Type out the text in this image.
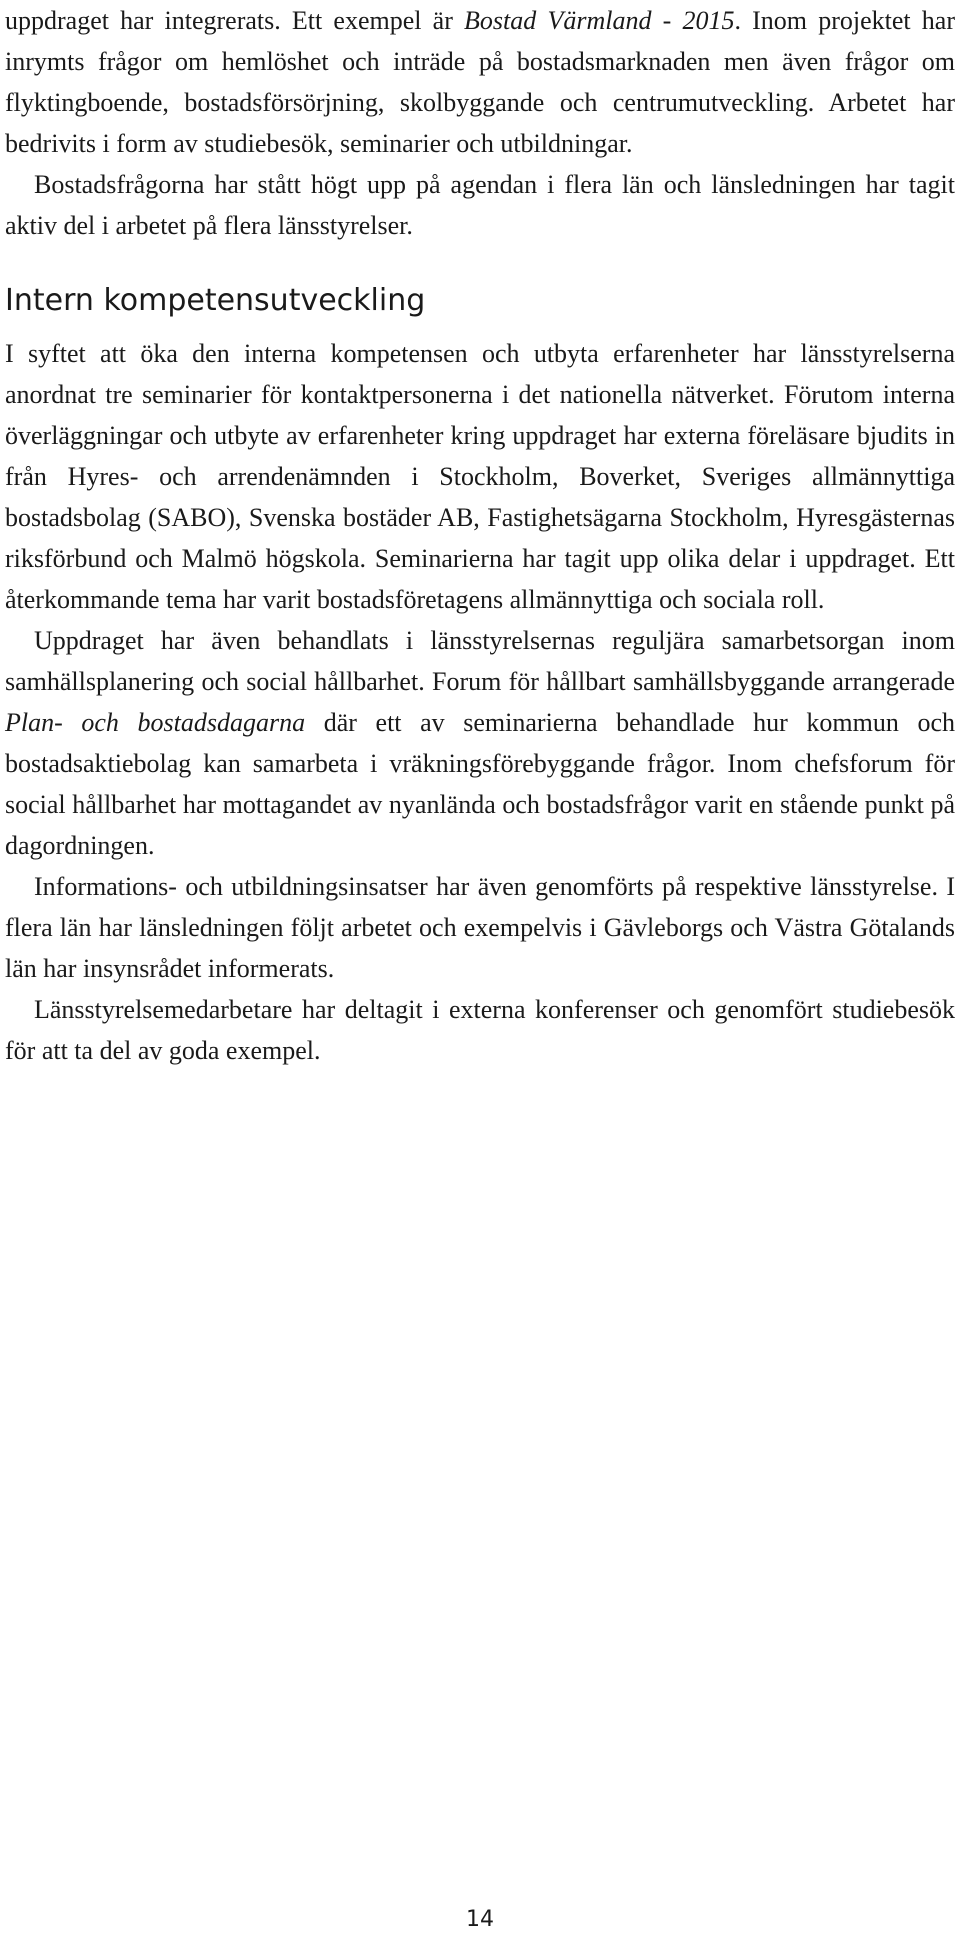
uppdraget har integrerats. Ett exempel är Bostad Värmland - 2015. Inom projektet har inrymts frågor om hemlöshet och inträde på bostadsmarknaden men även frågor om flyktingboende, bostadsförsörjning, skolbyggande och centrumutveckling. Arbetet har bedrivits i form av studiebesök, seminarier och utbildningar.

Bostadsfrågorna har stått högt upp på agendan i flera län och länsledningen har tagit aktiv del i arbetet på flera länsstyrelser.

Intern kompetensutveckling

I syftet att öka den interna kompetensen och utbyta erfarenheter har länsstyrelserna anordnat tre seminarier för kontaktpersonerna i det nationella nätverket. Förutom interna överläggningar och utbyte av erfarenheter kring uppdraget har externa föreläsare bjudits in från Hyres- och arrendenämnden i Stockholm, Boverket, Sveriges allmännyttiga bostadsbolag (SABO), Svenska bostäder AB, Fastighetsägarna Stockholm, Hyresgästernas riksförbund och Malmö högskola. Seminarierna har tagit upp olika delar i uppdraget. Ett återkommande tema har varit bostadsföretagens allmännyttiga och sociala roll.

Uppdraget har även behandlats i länsstyrelsernas reguljära samarbetsorgan inom samhällsplanering och social hållbarhet. Forum för hållbart samhällsbyggande arrangerade Plan- och bostadsdagarna där ett av seminarierna behandlade hur kommun och bostadsaktiebolag kan samarbeta i vräkningsförebyggande frågor. Inom chefsforum för social hållbarhet har mottagandet av nyanlända och bostadsfrågor varit en stående punkt på dagordningen.

Informations- och utbildningsinsatser har även genomförts på respektive länsstyrelse. I flera län har länsledningen följt arbetet och exempelvis i Gävleborgs och Västra Götalands län har insynsrådet informerats.

Länsstyrelsemedarbetare har deltagit i externa konferenser och genomfört studiebesök för att ta del av goda exempel.

14
